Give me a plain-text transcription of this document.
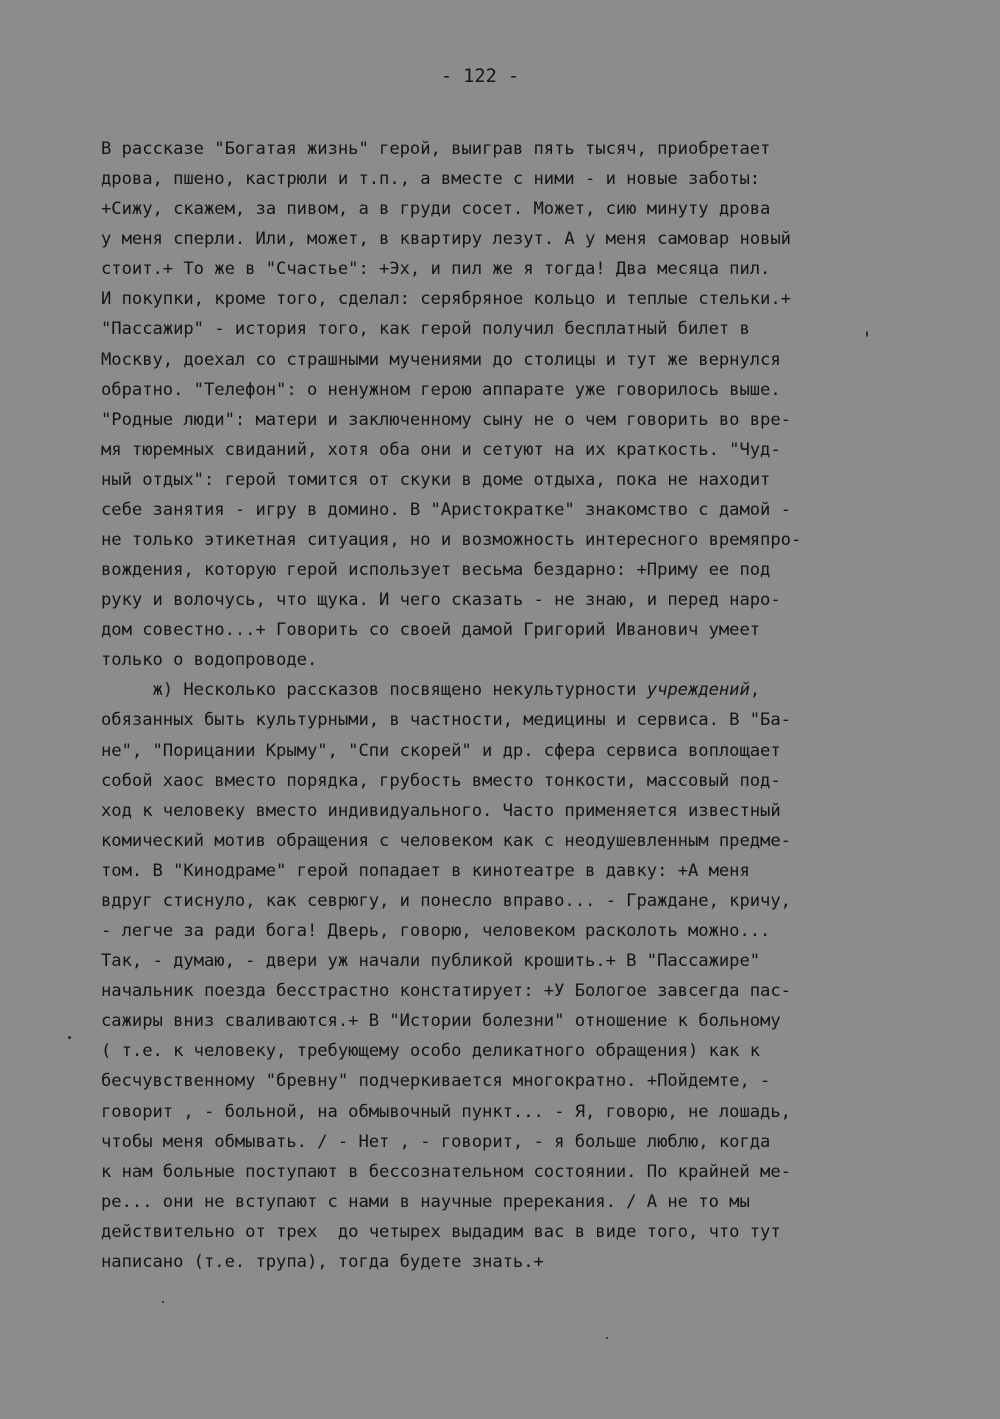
- 122 -
В рассказе "Богатая жизнь" герой, выиграв пять тысяч, приобретает
дрова, пшено, кастрюли и т.п., а вместе с ними - и новые заботы:
+Сижу, скажем, за пивом, а в груди сосет. Может, сию минуту дрова
у меня сперли. Или, может, в квартиру лезут. А у меня самовар новый
стоит.+ То же в "Счастье": +Эх, и пил же я тогда! Два месяца пил.
И покупки, кроме того, сделал: серябряное кольцо и теплые стельки.+
"Пассажир" - история того, как герой получил бесплатный билет в
Москву, доехал со страшными мучениями до столицы и тут же вернулся
обратно. "Телефон": о ненужном герою аппарате уже говорилось выше.
"Родные люди": матери и заключенному сыну не о чем говорить во вре-
мя тюремных свиданий, хотя оба они и сетуют на их краткость. "Чуд-
ный отдых": герой томится от скуки в доме отдыха, пока не находит
себе занятия - игру в домино. В "Аристократке" знакомство с дамой -
не только этикетная ситуация, но и возможность интересного времяпро-
вождения, которую герой использует весьма бездарно: +Приму ее под
руку и волочусь, что щука. И чего сказать - не знаю, и перед наро-
дом совестно...+ Говорить со своей дамой Григорий Иванович умеет
только о водопроводе.
ж) Несколько рассказов посвящено некультурности учреждений,
обязанных быть культурными, в частности, медицины и сервиса. В "Ба-
не", "Порицании Крыму", "Спи скорей" и др. сфера сервиса воплощает
собой хаос вместо порядка, грубость вместо тонкости, массовый под-
ход к человеку вместо индивидуального. Часто применяется известный
комический мотив обращения с человеком как с неодушевленным предме-
том. В "Кинодраме" герой попадает в кинотеатре в давку: +А меня
вдруг стиснуло, как севрюгу, и понесло вправо... - Граждане, кричу,
- легче за ради бога! Дверь, говорю, человеком расколоть можно...
Так, - думаю, - двери уж начали публикой крошить.+ В "Пассажире"
начальник поезда бесстрастно констатирует: +У Бологое завсегда пас-
сажиры вниз сваливаются.+ В "Истории болезни" отношение к больному
( т.е. к человеку, требующему особо деликатного обращения) как к
бесчувственному "бревну" подчеркивается многократно. +Пойдемте, -
говорит , - больной, на обмывочный пункт... - Я, говорю, не лошадь,
чтобы меня обмывать. / - Нет , - говорит, - я больше люблю, когда
к нам больные поступают в бессознательном состоянии. По крайней ме-
ре... они не вступают с нами в научные пререкания. / А не то мы
действительно от трех  до четырех выдадим вас в виде того, что тут
написано (т.е. трупа), тогда будете знать.+
